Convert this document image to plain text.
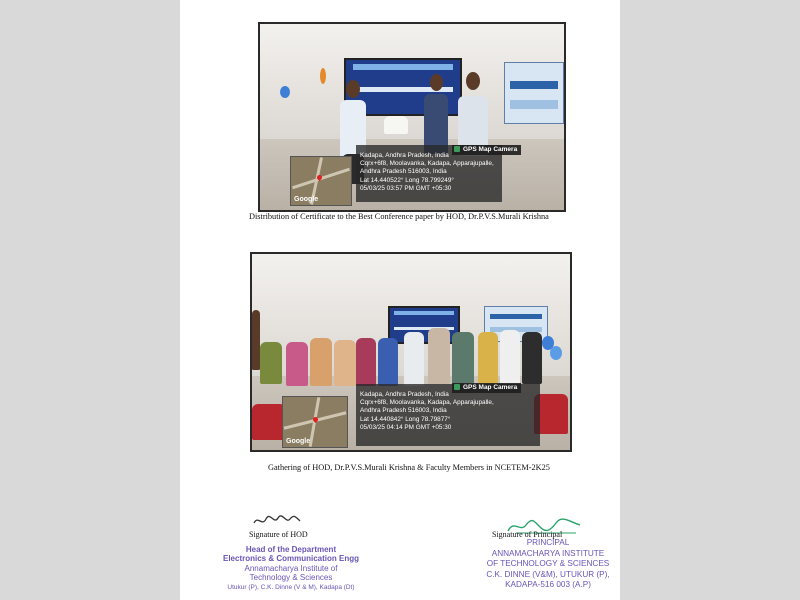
Google
Kadapa, Andhra Pradesh, India
Cqrx+6f8, Moolavanka, Kadapa, Apparajupalle,
Andhra Pradesh 516003, India
Lat 14.440522° Long 78.799249°
05/03/25 03:57 PM GMT +05:30
GPS Map Camera
Distribution of Certificate to the Best Conference paper by HOD, Dr.P.V.S.Murali Krishna
Google
Kadapa, Andhra Pradesh, India
Cqrx+6f8, Moolavanka, Kadapa, Apparajupalle,
Andhra Pradesh 516003, India
Lat 14.440842° Long 78.79877°
05/03/25 04:14 PM GMT +05:30
GPS Map Camera
Gathering of HOD, Dr.P.V.S.Murali Krishna & Faculty Members in NCETEM-2K25
Signature of HOD
Head of the Department
Electronics & Communication Engg
Annamacharya Institute of
Technology & Sciences
Utukur (P), C.K. Dinne (V & M), Kadapa (Dt)
Signature of Principal
PRINCIPAL
ANNAMACHARYA INSTITUTE
OF TECHNOLOGY & SCIENCES
C.K. DINNE (V&M), UTUKUR (P),
KADAPA-516 003 (A.P)
